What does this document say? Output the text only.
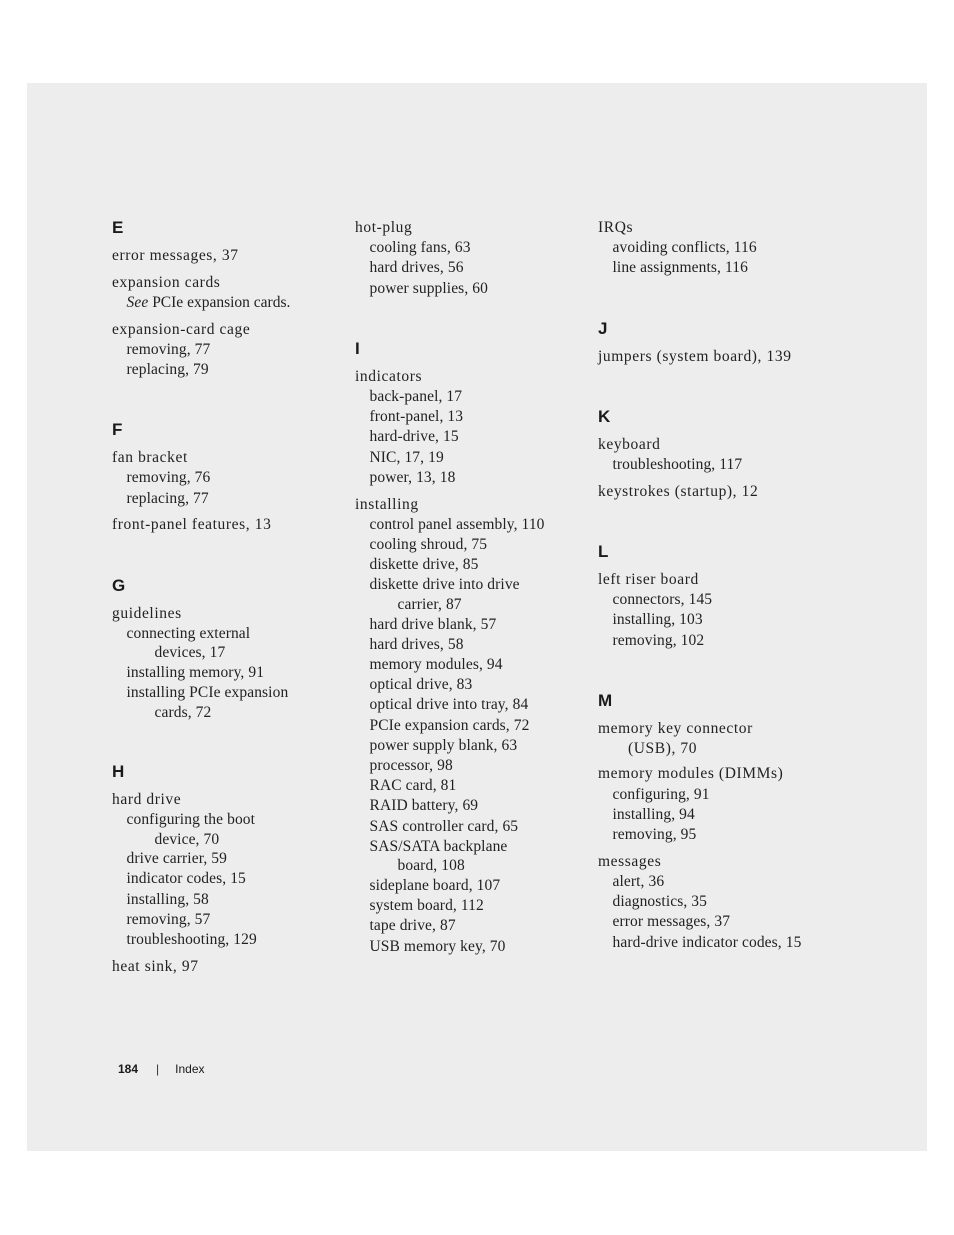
E
error messages, 37
expansion cards
See PCIe expansion cards.
expansion-card cage
removing, 77
replacing, 79
F
fan bracket
removing, 76
replacing, 77
front-panel features, 13
G
guidelines
connecting external
devices, 17
installing memory, 91
installing PCIe expansion
cards, 72
H
hard drive
configuring the boot
device, 70
drive carrier, 59
indicator codes, 15
installing, 58
removing, 57
troubleshooting, 129
heat sink, 97
hot-plug
cooling fans, 63
hard drives, 56
power supplies, 60
I
indicators
back-panel, 17
front-panel, 13
hard-drive, 15
NIC, 17, 19
power, 13, 18
installing
control panel assembly, 110
cooling shroud, 75
diskette drive, 85
diskette drive into drive
carrier, 87
hard drive blank, 57
hard drives, 58
memory modules, 94
optical drive, 83
optical drive into tray, 84
PCIe expansion cards, 72
power supply blank, 63
processor, 98
RAC card, 81
RAID battery, 69
SAS controller card, 65
SAS/SATA backplane
board, 108
sideplane board, 107
system board, 112
tape drive, 87
USB memory key, 70
IRQs
avoiding conflicts, 116
line assignments, 116
J
jumpers (system board), 139
K
keyboard
troubleshooting, 117
keystrokes (startup), 12
L
left riser board
connectors, 145
installing, 103
removing, 102
M
memory key connector
(USB), 70
memory modules (DIMMs)
configuring, 91
installing, 94
removing, 95
messages
alert, 36
diagnostics, 35
error messages, 37
hard-drive indicator codes, 15
184 | Index
